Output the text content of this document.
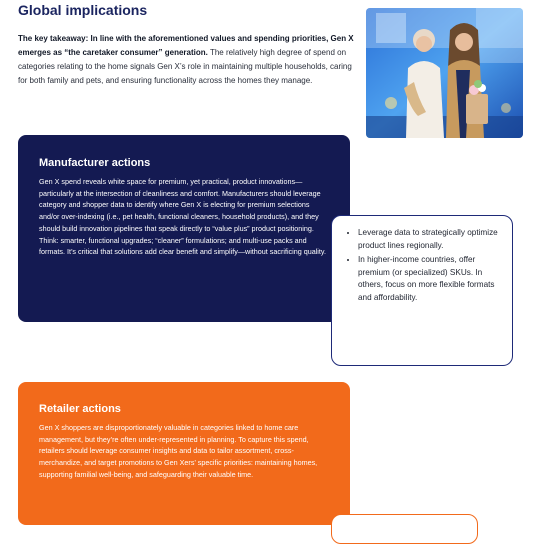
Global implications
The key takeaway: In line with the aforementioned values and spending priorities, Gen X emerges as “the caretaker consumer” generation. The relatively high degree of spend on categories relating to the home signals Gen X’s role in maintaining multiple households, caring for both family and pets, and ensuring functionality across the homes they manage.
Manufacturer actions

Gen X spend reveals white space for premium, yet practical, product innovations—particularly at the intersection of cleanliness and comfort. Manufacturers should leverage category and shopper data to identify where Gen X is electing for premium selections and/or over-indexing (i.e., pet health, functional cleaners, household products), and they should build innovation pipelines that speak directly to “value plus” product positioning. Think: smarter, functional upgrades; “cleaner” formulations; and multi-use packs and formats. It’s critical that solutions add clear benefit and simplify—without sacrificing quality.

• Leverage data to strategically optimize product lines regionally.
• In higher-income countries, offer premium (or specialized) SKUs. In others, focus on more flexible formats and affordability.
Retailer actions

Gen X shoppers are disproportionately valuable in categories linked to home care management, but they’re often under-represented in planning. To capture this spend, retailers should leverage consumer insights and data to tailor assortment, cross-merchandize, and target promotions to Gen Xers’ specific priorities: maintaining homes, supporting familial well-being, and safeguarding their valuable time.
